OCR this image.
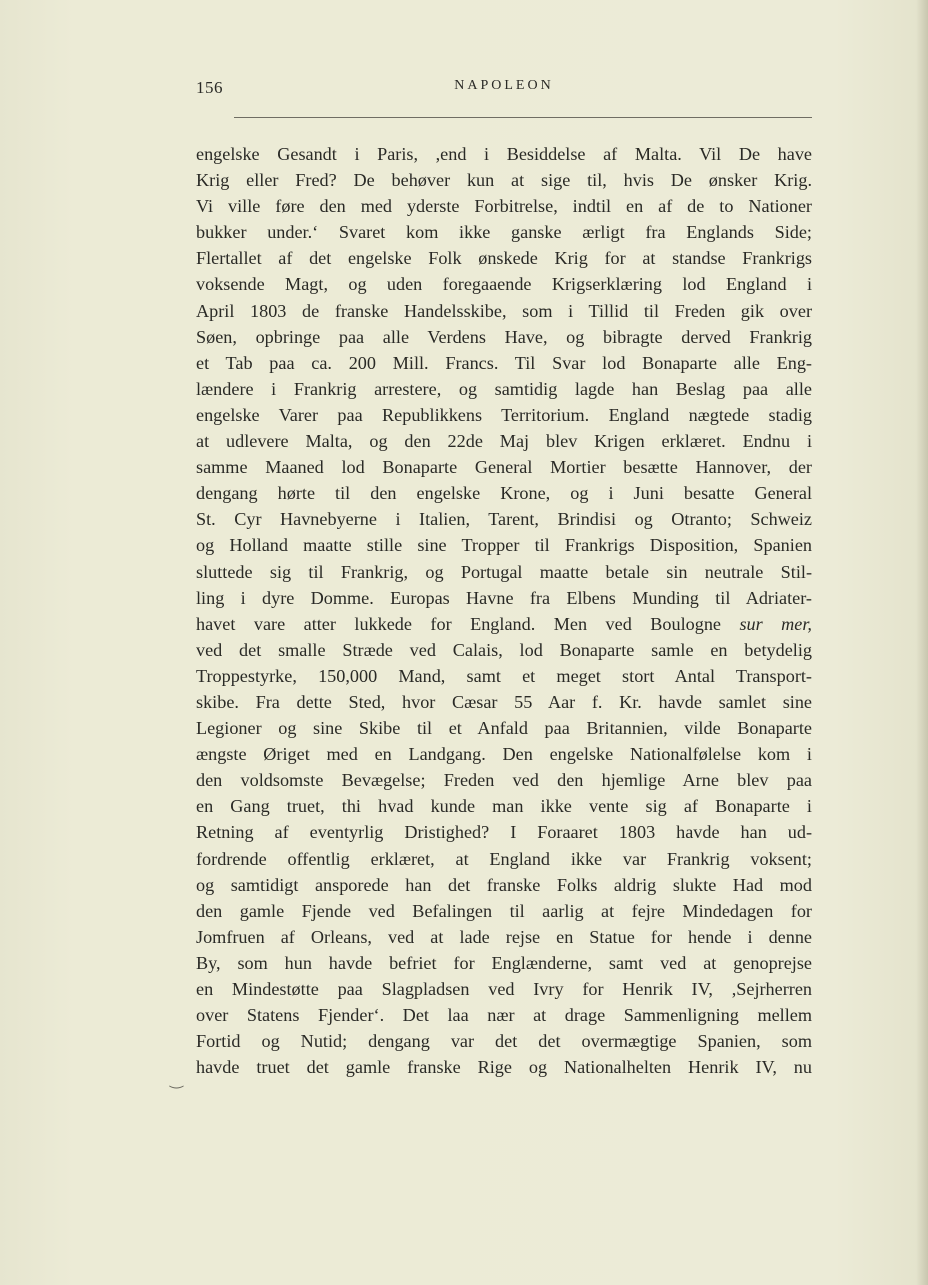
156	NAPOLEON
engelske Gesandt i Paris, ,end i Besiddelse af Malta. Vil De have
Krig eller Fred? De behøver kun at sige til, hvis De ønsker Krig.
Vi ville føre den med yderste Forbitrelse, indtil en af de to Nationer
bukker under.‘ Svaret kom ikke ganske ærligt fra Englands Side;
Flertallet af det engelske Folk ønskede Krig for at standse Frankrigs
voksende Magt, og uden foregaaende Krigserklæring lod England i
April 1803 de franske Handelsskibe, som i Tillid til Freden gik over
Søen, opbringe paa alle Verdens Have, og bibragte derved Frankrig
et Tab paa ca. 200 Mill. Francs. Til Svar lod Bonaparte alle Eng-
lændere i Frankrig arrestere, og samtidig lagde han Beslag paa alle
engelske Varer paa Republikkens Territorium. England nægtede stadig
at udlevere Malta, og den 22de Maj blev Krigen erklæret. Endnu i
samme Maaned lod Bonaparte General Mortier besætte Hannover, der
dengang hørte til den engelske Krone, og i Juni besatte General
St. Cyr Havnebyerne i Italien, Tarent, Brindisi og Otranto; Schweiz
og Holland maatte stille sine Tropper til Frankrigs Disposition, Spanien
sluttede sig til Frankrig, og Portugal maatte betale sin neutrale Stil-
ling i dyre Domme. Europas Havne fra Elbens Munding til Adriater-
havet vare atter lukkede for England. Men ved Boulogne sur mer,
ved det smalle Stræde ved Calais, lod Bonaparte samle en betydelig
Troppestyrke, 150,000 Mand, samt et meget stort Antal Transport-
skibe. Fra dette Sted, hvor Cæsar 55 Aar f. Kr. havde samlet sine
Legioner og sine Skibe til et Anfald paa Britannien, vilde Bonaparte
ængste Øriget med en Landgang. Den engelske Nationalfølelse kom i
den voldsomste Bevægelse; Freden ved den hjemlige Arne blev paa
en Gang truet, thi hvad kunde man ikke vente sig af Bonaparte i
Retning af eventyrlig Dristighed? I Foraaret 1803 havde han ud-
fordrende offentlig erklæret, at England ikke var Frankrig voksent;
og samtidigt ansporede han det franske Folks aldrig slukte Had mod
den gamle Fjende ved Befalingen til aarlig at fejre Mindedagen for
Jomfruen af Orleans, ved at lade rejse en Statue for hende i denne
By, som hun havde befriet for Englænderne, samt ved at genoprejse
en Mindestøtte paa Slagpladsen ved Ivry for Henrik IV, ,Sejrherren
over Statens Fjender‘. Det laa nær at drage Sammenligning mellem
Fortid og Nutid; dengang var det det overmægtige Spanien, som
havde truet det gamle franske Rige og Nationalhelten Henrik IV, nu
‿
